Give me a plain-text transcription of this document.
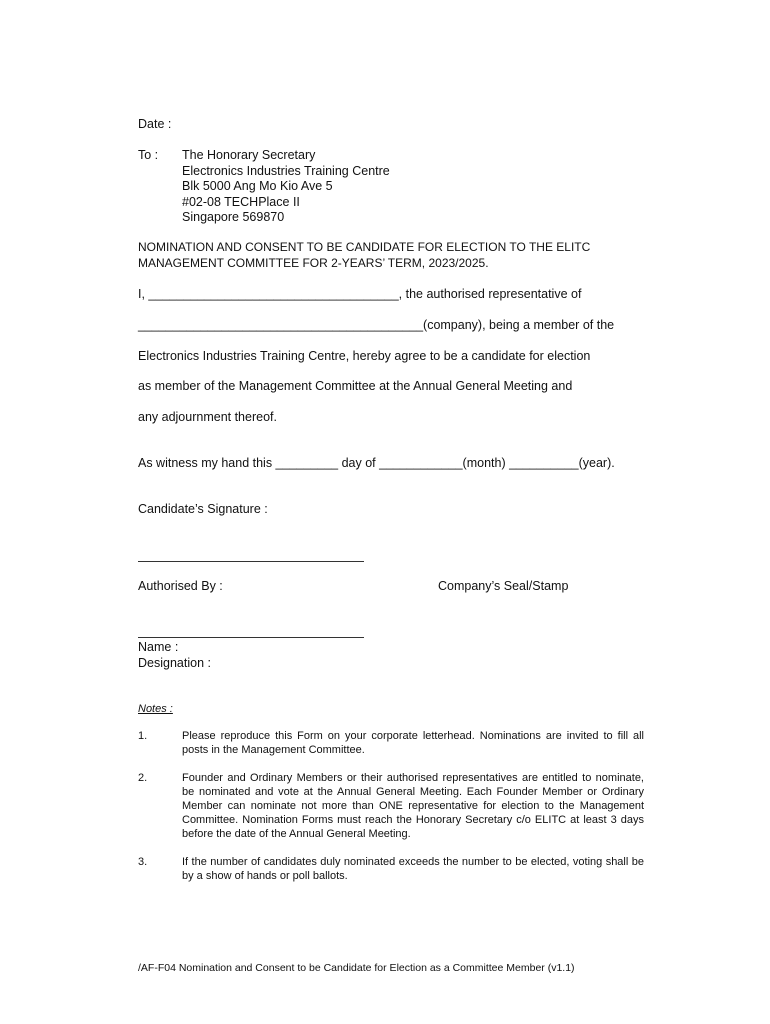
Date :
To : The Honorary Secretary
Electronics Industries Training Centre
Blk 5000 Ang Mo Kio Ave 5
#02-08 TECHPlace II
Singapore 569870
NOMINATION AND CONSENT TO BE CANDIDATE FOR ELECTION TO THE ELITC
MANAGEMENT COMMITTEE FOR 2-YEARS’ TERM, 2023/2025.
I, ____________________________________, the authorised representative of
_________________________________________(company), being a member of the
Electronics Industries Training Centre, hereby agree to be a candidate for election
as member of the Management Committee at the Annual General Meeting and
any adjournment thereof.
As witness my hand this _________ day of ____________(month) __________(year).
Candidate’s Signature :
Authorised By :	Company’s Seal/Stamp
Name :
Designation :
Notes :
1.	Please reproduce this Form on your corporate letterhead. Nominations are invited to fill all posts in the Management Committee.
2.	Founder and Ordinary Members or their authorised representatives are entitled to nominate, be nominated and vote at the Annual General Meeting. Each Founder Member or Ordinary Member can nominate not more than ONE representative for election to the Management Committee. Nomination Forms must reach the Honorary Secretary c/o ELITC at least 3 days before the date of the Annual General Meeting.
3.	If the number of candidates duly nominated exceeds the number to be elected, voting shall be by a show of hands or poll ballots.
/AF-F04 Nomination and Consent to be Candidate for Election as a Committee Member (v1.1)
